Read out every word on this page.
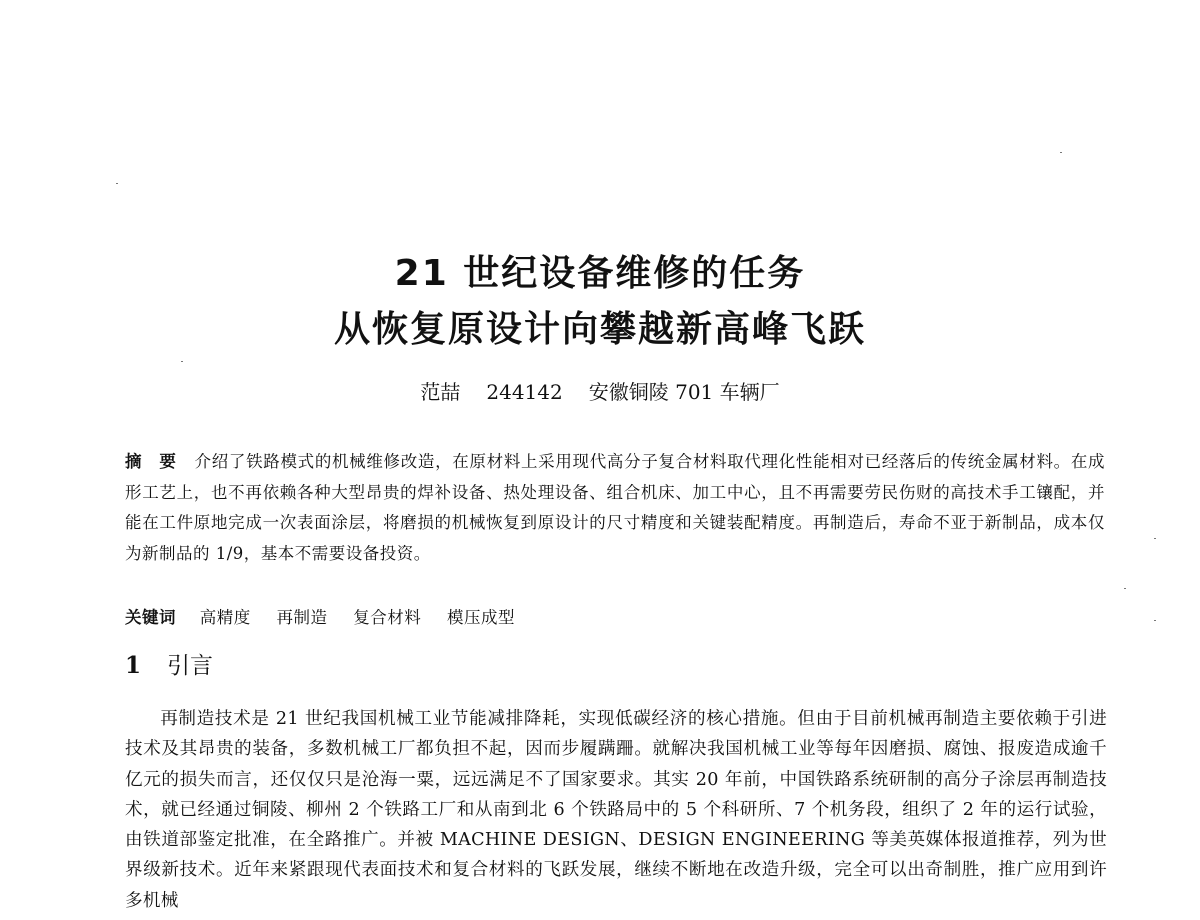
21 世纪设备维修的任务
从恢复原设计向攀越新高峰飞跃
范喆 244142 安徽铜陵 701 车辆厂
摘　要 介绍了铁路模式的机械维修改造，在原材料上采用现代高分子复合材料取代理化性能相对已经落后的传统金属材料。在成形工艺上，也不再依赖各种大型昂贵的焊补设备、热处理设备、组合机床、加工中心，且不再需要劳民伤财的高技术手工镶配，并能在工件原地完成一次表面涂层，将磨损的机械恢复到原设计的尺寸精度和关键装配精度。再制造后，寿命不亚于新制品，成本仅为新制品的 1/9，基本不需要设备投资。
关键词 高精度 再制造 复合材料 模压成型
1 引言
再制造技术是 21 世纪我国机械工业节能减排降耗，实现低碳经济的核心措施。但由于目前机械再制造主要依赖于引进技术及其昂贵的装备，多数机械工厂都负担不起，因而步履蹒跚。就解决我国机械工业等每年因磨损、腐蚀、报废造成逾千亿元的损失而言，还仅仅只是沧海一粟，远远满足不了国家要求。其实 20 年前，中国铁路系统研制的高分子涂层再制造技术，就已经通过铜陵、柳州 2 个铁路工厂和从南到北 6 个铁路局中的 5 个科研所、7 个机务段，组织了 2 年的运行试验，由铁道部鉴定批准，在全路推广。并被 MACHINE DESIGN、DESIGN ENGINEERING 等美英媒体报道推荐，列为世界级新技术。近年来紧跟现代表面技术和复合材料的飞跃发展，继续不断地在改造升级，完全可以出奇制胜，推广应用到许多机械
